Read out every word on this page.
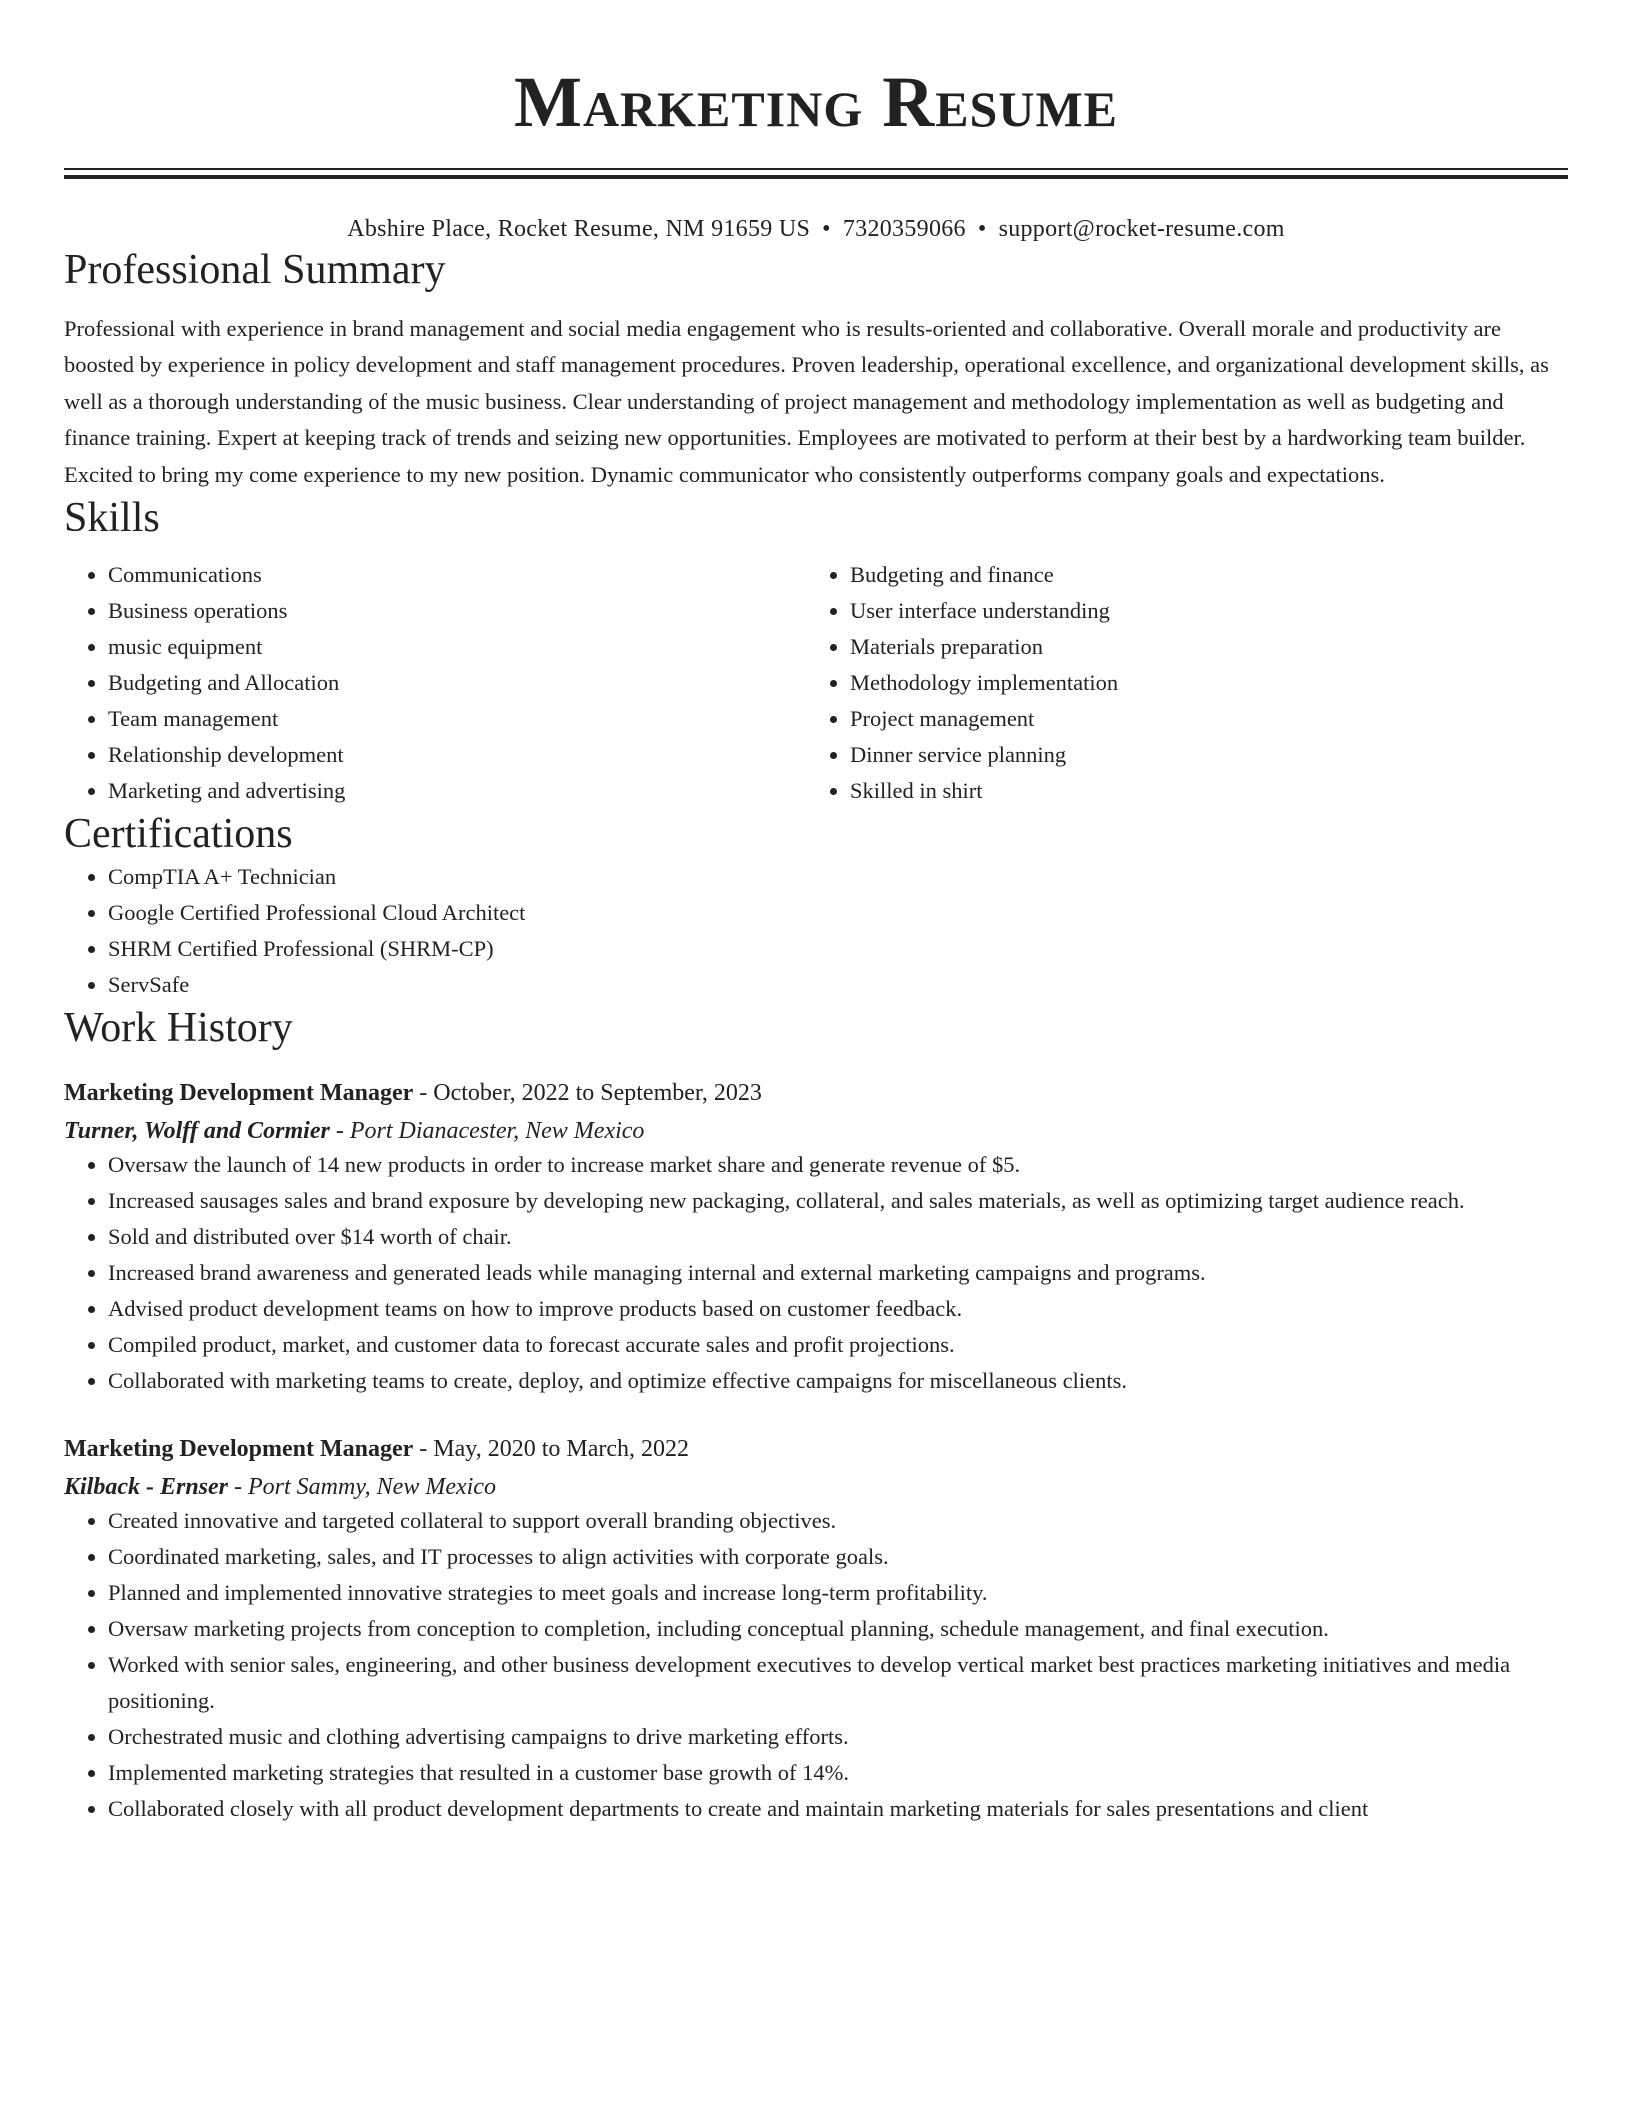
Marketing Resume
Abshire Place, Rocket Resume, NM 91659 US • 7320359066 • support@rocket-resume.com
Professional Summary
Professional with experience in brand management and social media engagement who is results-oriented and collaborative. Overall morale and productivity are boosted by experience in policy development and staff management procedures. Proven leadership, operational excellence, and organizational development skills, as well as a thorough understanding of the music business. Clear understanding of project management and methodology implementation as well as budgeting and finance training. Expert at keeping track of trends and seizing new opportunities. Employees are motivated to perform at their best by a hardworking team builder. Excited to bring my come experience to my new position. Dynamic communicator who consistently outperforms company goals and expectations.
Skills
• Communications
• Business operations
• music equipment
• Budgeting and Allocation
• Team management
• Relationship development
• Marketing and advertising
• Budgeting and finance
• User interface understanding
• Materials preparation
• Methodology implementation
• Project management
• Dinner service planning
• Skilled in shirt
Certifications
• CompTIA A+ Technician
• Google Certified Professional Cloud Architect
• SHRM Certified Professional (SHRM-CP)
• ServSafe
Work History
Marketing Development Manager - October, 2022 to September, 2023
Turner, Wolff and Cormier - Port Dianacester, New Mexico
• Oversaw the launch of 14 new products in order to increase market share and generate revenue of $5.
• Increased sausages sales and brand exposure by developing new packaging, collateral, and sales materials, as well as optimizing target audience reach.
• Sold and distributed over $14 worth of chair.
• Increased brand awareness and generated leads while managing internal and external marketing campaigns and programs.
• Advised product development teams on how to improve products based on customer feedback.
• Compiled product, market, and customer data to forecast accurate sales and profit projections.
• Collaborated with marketing teams to create, deploy, and optimize effective campaigns for miscellaneous clients.
Marketing Development Manager - May, 2020 to March, 2022
Kilback - Ernser - Port Sammy, New Mexico
• Created innovative and targeted collateral to support overall branding objectives.
• Coordinated marketing, sales, and IT processes to align activities with corporate goals.
• Planned and implemented innovative strategies to meet goals and increase long-term profitability.
• Oversaw marketing projects from conception to completion, including conceptual planning, schedule management, and final execution.
• Worked with senior sales, engineering, and other business development executives to develop vertical market best practices marketing initiatives and media positioning.
• Orchestrated music and clothing advertising campaigns to drive marketing efforts.
• Implemented marketing strategies that resulted in a customer base growth of 14%.
• Collaborated closely with all product development departments to create and maintain marketing materials for sales presentations and client
